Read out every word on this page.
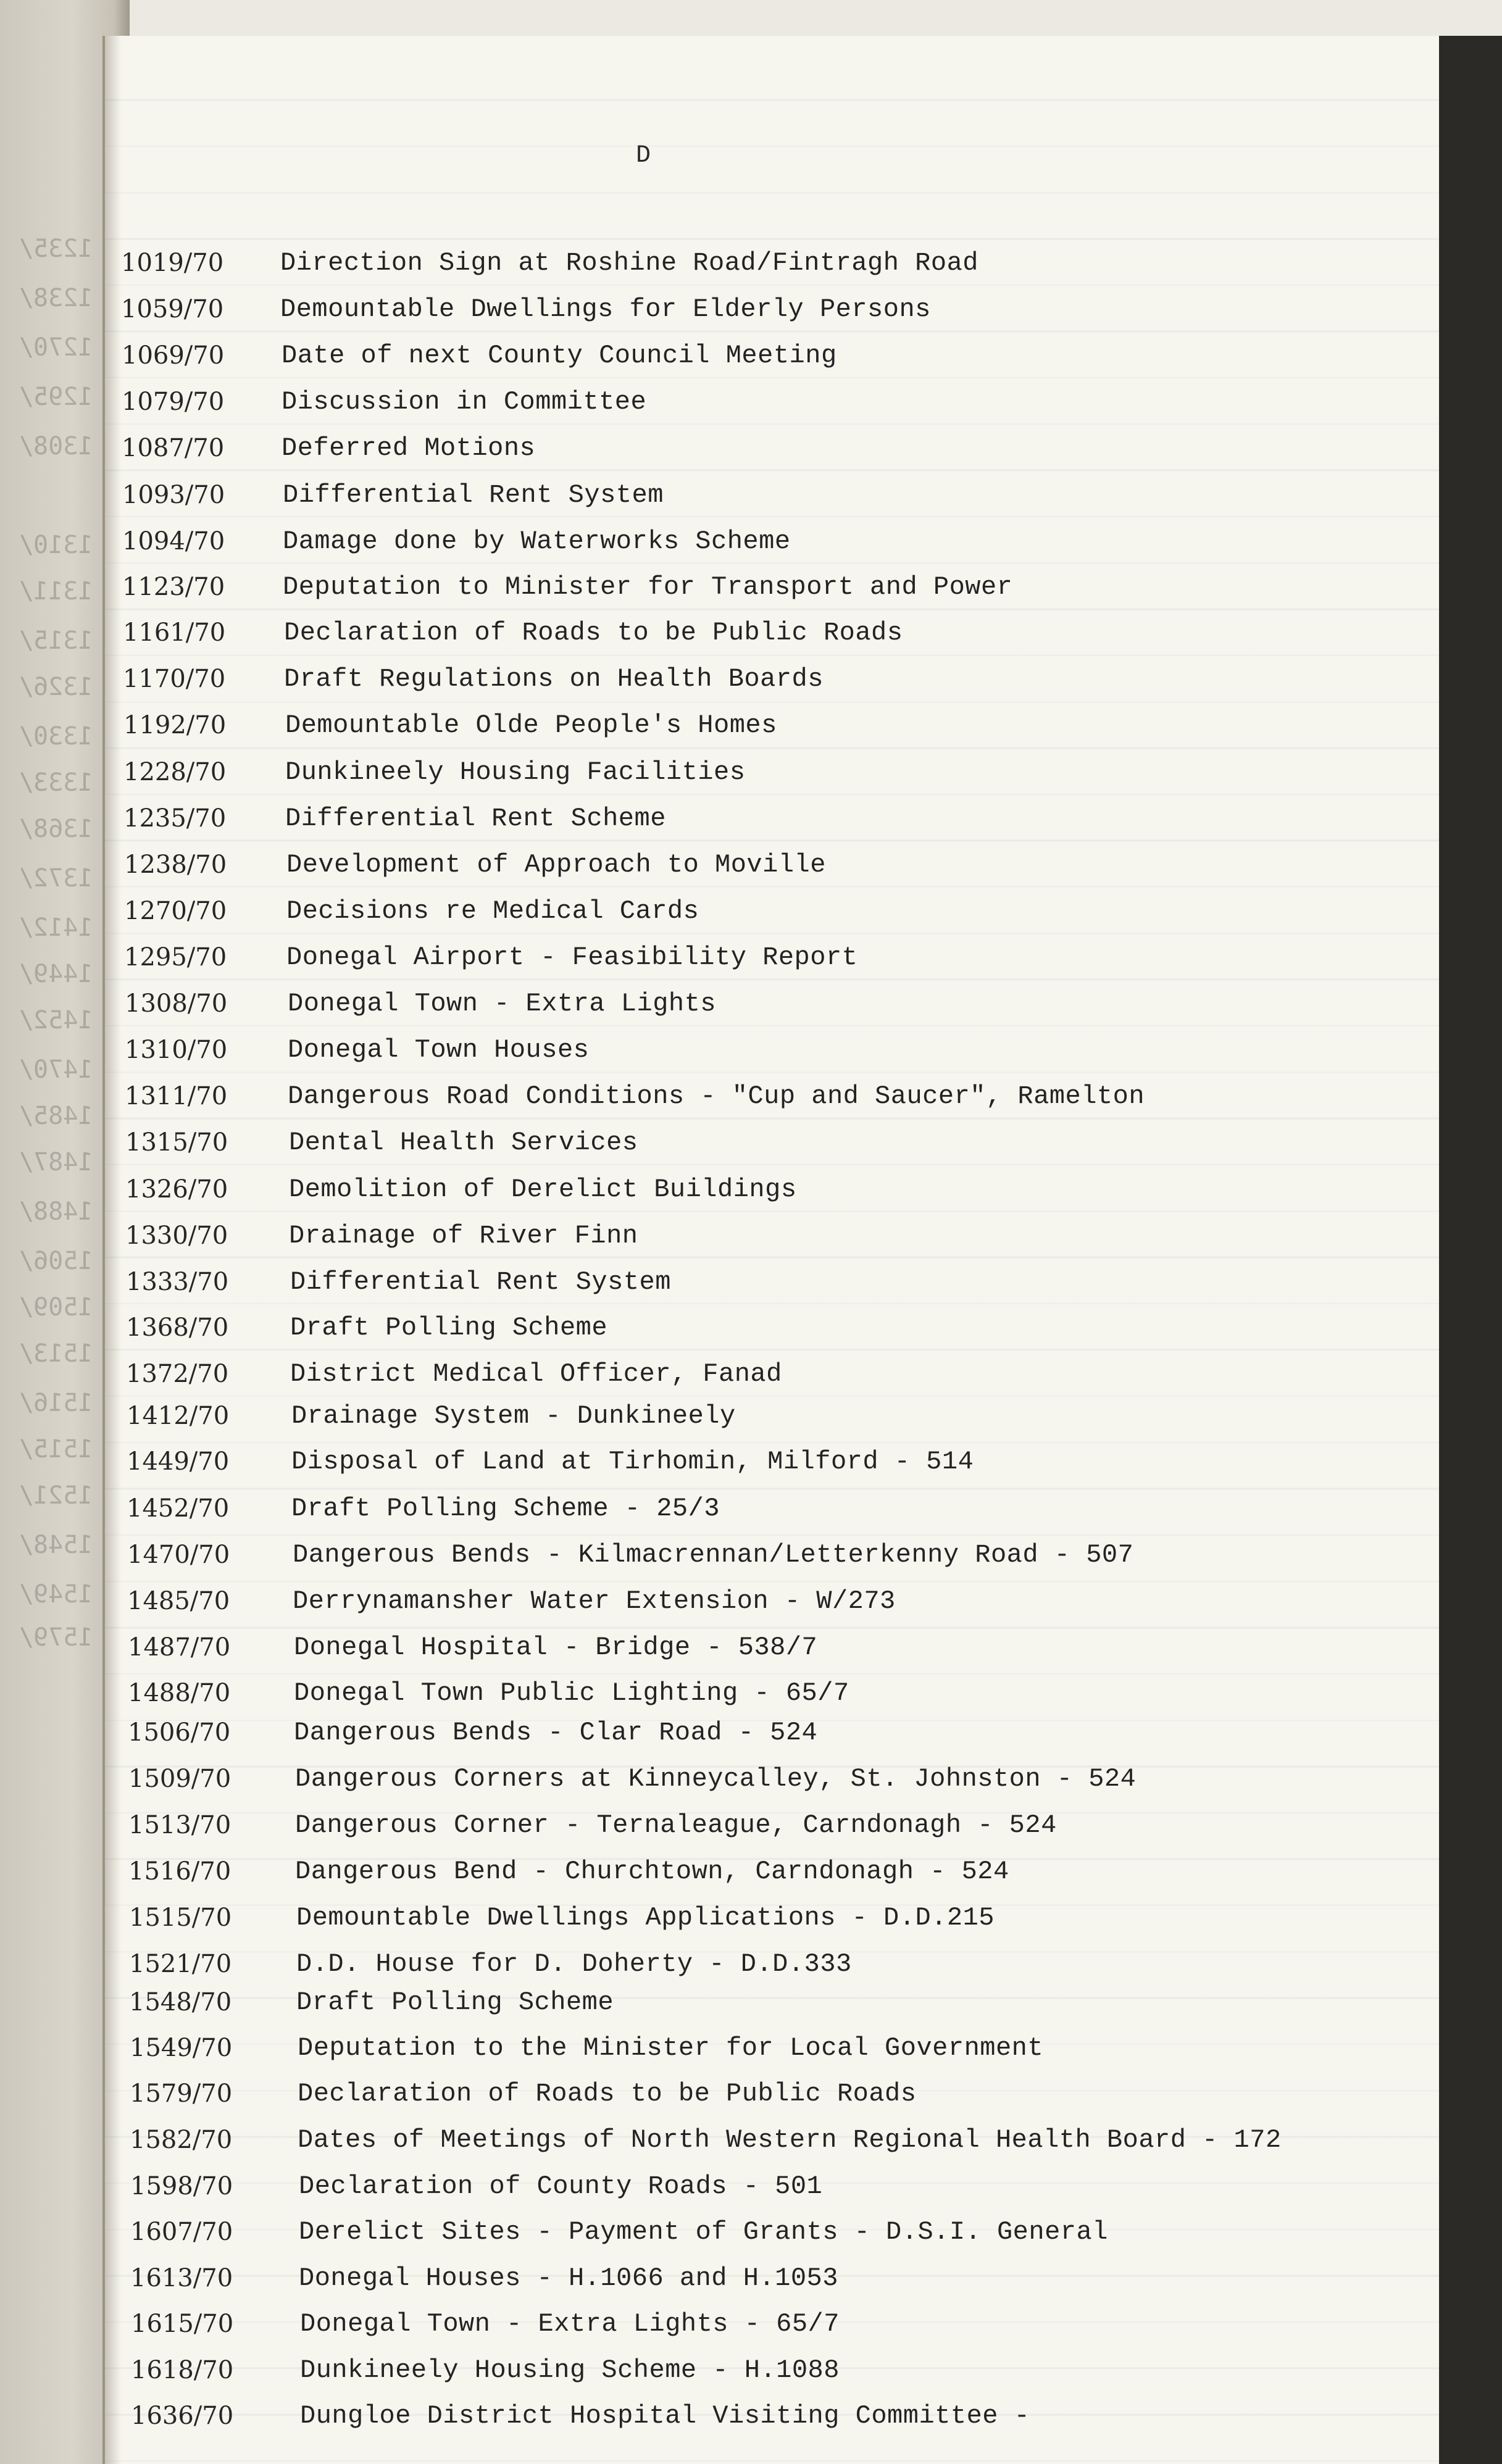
1235/
1238/
1270/
1295/
1308/
1310/
1311/
1315/
1326/
1330/
1333/
1368/
1372/
1412/
1449/
1452/
1470/
1485/
1487/
1488/
1506/
1509/
1513/
1516/
1515/
1521/
1548/
1549/
1579/
D
1019/70	Direction Sign at Roshine Road/Fintragh Road
1059/70	Demountable Dwellings for Elderly Persons
1069/70	Date of next County Council Meeting
1079/70	Discussion in Committee
1087/70	Deferred Motions
1093/70	Differential Rent System
1094/70	Damage done by Waterworks Scheme
1123/70	Deputation to Minister for Transport and Power
1161/70	Declaration of Roads to be Public Roads
1170/70	Draft Regulations on Health Boards
1192/70	Demountable Olde People's Homes
1228/70	Dunkineely Housing Facilities
1235/70	Differential Rent Scheme
1238/70	Development of Approach to Moville
1270/70	Decisions re Medical Cards
1295/70	Donegal Airport - Feasibility Report
1308/70	Donegal Town - Extra Lights
1310/70	Donegal Town Houses
1311/70	Dangerous Road Conditions - "Cup and Saucer", Ramelton
1315/70	Dental Health Services
1326/70	Demolition of Derelict Buildings
1330/70	Drainage of River Finn
1333/70	Differential Rent System
1368/70	Draft Polling Scheme
1372/70	District Medical Officer, Fanad
1412/70	Drainage System - Dunkineely
1449/70	Disposal of Land at Tirhomin, Milford - 514
1452/70	Draft Polling Scheme - 25/3
1470/70	Dangerous Bends - Kilmacrennan/Letterkenny Road - 507
1485/70	Derrynamansher Water Extension - W/273
1487/70	Donegal Hospital - Bridge - 538/7
1488/70	Donegal Town Public Lighting - 65/7
1506/70	Dangerous Bends - Clar Road - 524
1509/70	Dangerous Corners at Kinneycalley, St. Johnston - 524
1513/70	Dangerous Corner - Ternaleague, Carndonagh - 524
1516/70	Dangerous Bend - Churchtown, Carndonagh - 524
1515/70	Demountable Dwellings Applications - D.D.215
1521/70	D.D. House for D. Doherty - D.D.333
1548/70	Draft Polling Scheme
1549/70	Deputation to the Minister for Local Government
1579/70	Declaration of Roads to be Public Roads
1582/70	Dates of Meetings of North Western Regional Health Board - 172
1598/70	Declaration of County Roads - 501
1607/70	Derelict Sites - Payment of Grants - D.S.I. General
1613/70	Donegal Houses - H.1066 and H.1053
1615/70	Donegal Town - Extra Lights - 65/7
1618/70	Dunkineely Housing Scheme - H.1088
1636/70	Dungloe District Hospital Visiting Committee -
